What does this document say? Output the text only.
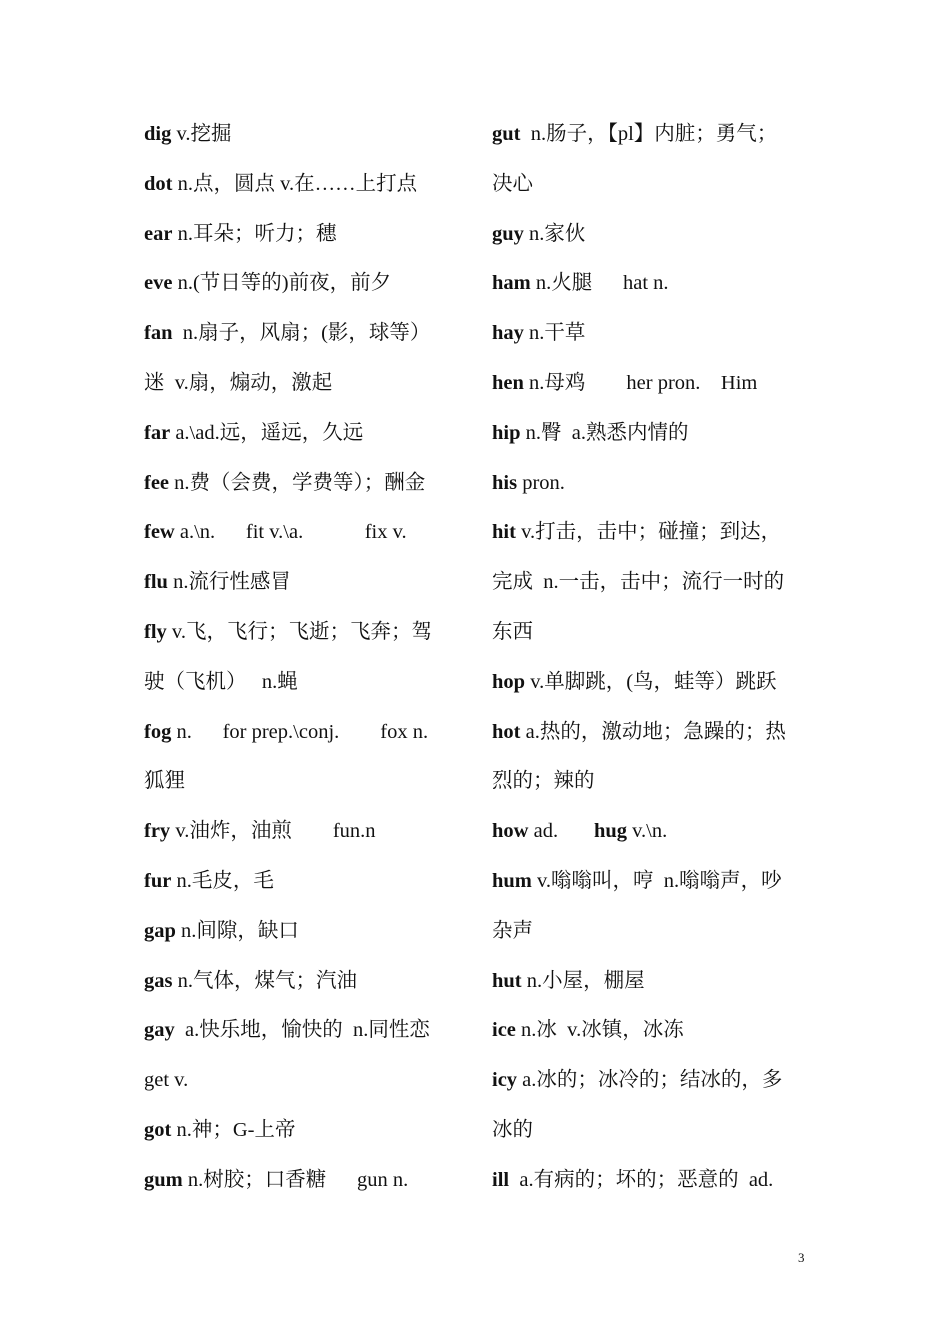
dig v.挖掘
dot n.点，圆点 v.在……上打点
ear n.耳朵；听力；穗
eve n.(节日等的)前夜，前夕
fan  n.扇子，风扇；(影，球等）
迷  v.扇，煽动，激起
far a.\ad.远，遥远，久远
fee n.费（会费，学费等）；酬金
few a.\n.      fit v.\a.            fix v.
flu n.流行性感冒
fly v.飞，飞行；飞逝；飞奔；驾
驶（飞机）   n.蝇
fog n.      for prep.\conj.        fox n.
狐狸
fry v.油炸，油煎        fun.n
fur n.毛皮，毛
gap n.间隙，缺口
gas n.气体，煤气；汽油
gay  a.快乐地，愉快的  n.同性恋
get v.
got n.神；G-上帝
gum n.树胶；口香糖      gun n.
gut  n.肠子，【pl】内脏；勇气；
决心
guy n.家伙
ham n.火腿      hat n.
hay n.干草
hen n.母鸡        her pron.    Him
hip n.臀  a.熟悉内情的
his pron.
hit v.打击，击中；碰撞；到达，
完成  n.一击，击中；流行一时的
东西
hop v.单脚跳，(鸟，蛙等）跳跃
hot a.热的，激动地；急躁的；热
烈的；辣的
how ad.       hug v.\n.
hum v.嗡嗡叫，哼  n.嗡嗡声，吵
杂声
hut n.小屋，棚屋
ice n.冰  v.冰镇，冰冻
icy a.冰的；冰冷的；结冰的，多
冰的
ill  a.有病的；坏的；恶意的  ad.
3
